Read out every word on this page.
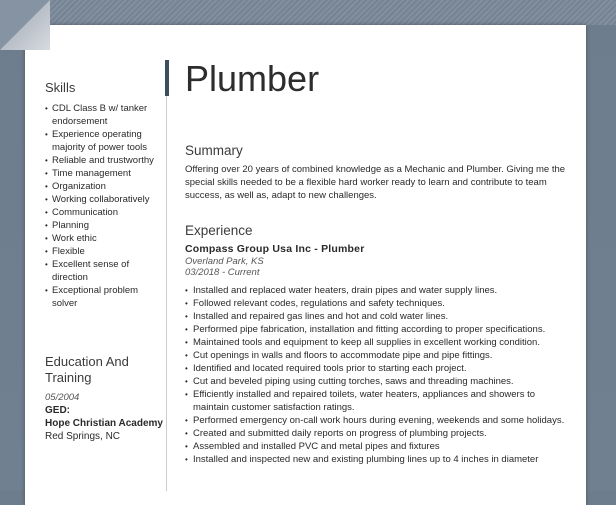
Plumber
Skills
• CDL Class B w/ tanker endorsement
• Experience operating majority of power tools
• Reliable and trustworthy
• Time management
• Organization
• Working collaboratively
• Communication
• Planning
• Work ethic
• Flexible
• Excellent sense of direction
• Exceptional problem solver
Education And Training
05/2004
GED:
Hope Christian Academy
Red Springs, NC
Summary
Offering over 20 years of combined knowledge as a Mechanic and Plumber. Giving me the special skills needed to be a flexible hard worker ready to learn and contribute to team success, as well as, adapt to new challenges.
Experience
Compass Group Usa Inc - Plumber
Overland Park, KS
03/2018 - Current
• Installed and replaced water heaters, drain pipes and water supply lines.
• Followed relevant codes, regulations and safety techniques.
• Installed and repaired gas lines and hot and cold water lines.
• Performed pipe fabrication, installation and fitting according to proper specifications.
• Maintained tools and equipment to keep all supplies in excellent working condition.
• Cut openings in walls and floors to accommodate pipe and pipe fittings.
• Identified and located required tools prior to starting each project.
• Cut and beveled piping using cutting torches, saws and threading machines.
• Efficiently installed and repaired toilets, water heaters, appliances and showers to maintain customer satisfaction ratings.
• Performed emergency on-call work hours during evening, weekends and some holidays.
• Created and submitted daily reports on progress of plumbing projects.
• Assembled and installed PVC and metal pipes and fixtures
• Installed and inspected new and existing plumbing lines up to 4 inches in diameter
